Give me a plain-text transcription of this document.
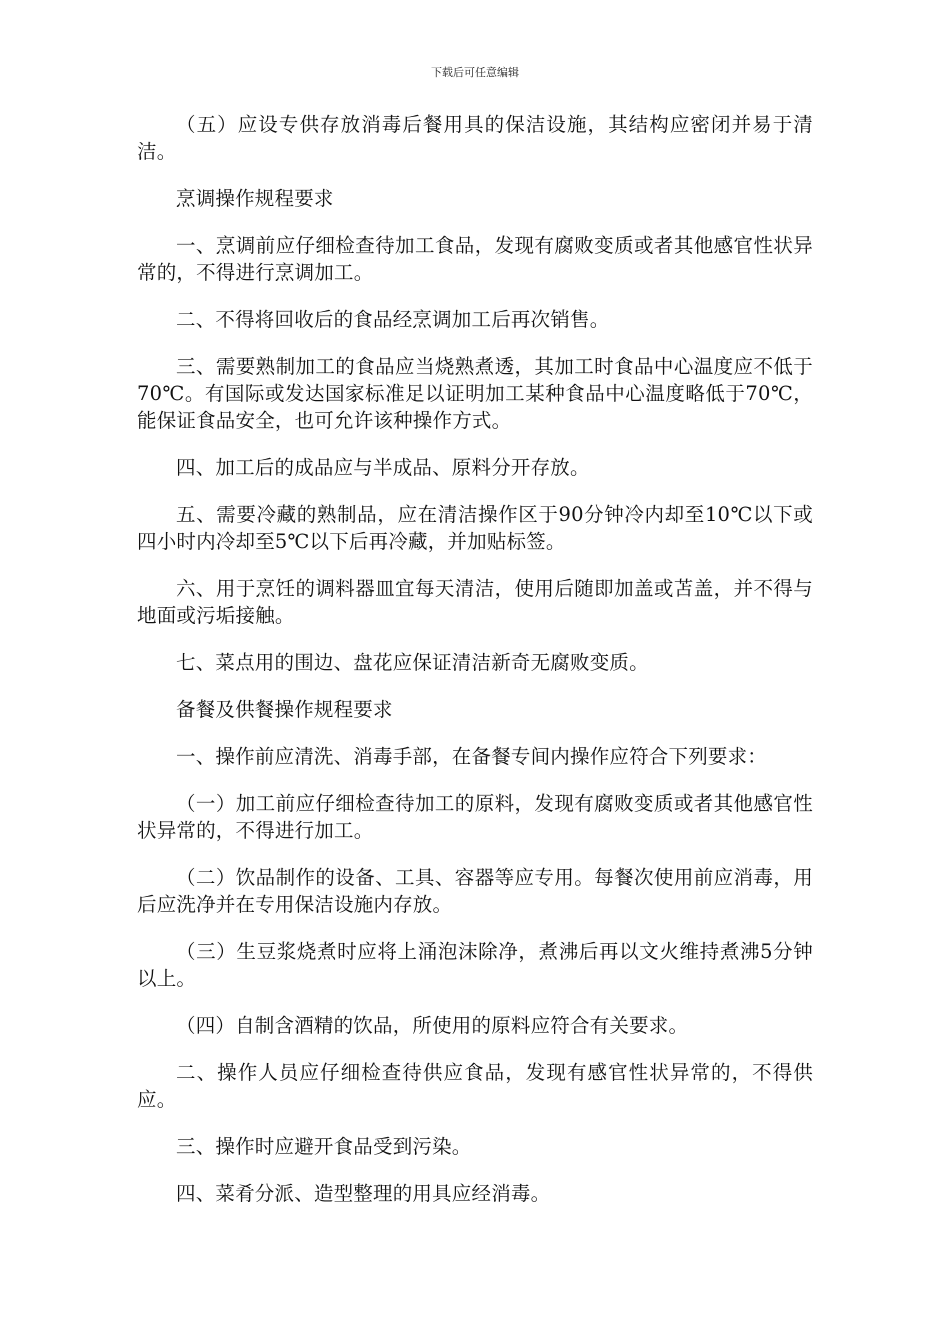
下载后可任意编辑

（五）应设专供存放消毒后餐用具的保洁设施，其结构应密闭并易于清洁。

烹调操作规程要求

一、烹调前应仔细检查待加工食品，发现有腐败变质或者其他感官性状异常的，不得进行烹调加工。

二、不得将回收后的食品经烹调加工后再次销售。

三、需要熟制加工的食品应当烧熟煮透，其加工时食品中心温度应不低于70℃。有国际或发达国家标准足以证明加工某种食品中心温度略低于70℃，能保证食品安全，也可允许该种操作方式。

四、加工后的成品应与半成品、原料分开存放。

五、需要冷藏的熟制品，应在清洁操作区于90分钟冷内却至10℃以下或四小时内冷却至5℃以下后再冷藏，并加贴标签。

六、用于烹饪的调料器皿宜每天清洁，使用后随即加盖或苫盖，并不得与地面或污垢接触。

七、菜点用的围边、盘花应保证清洁新奇无腐败变质。

备餐及供餐操作规程要求

一、操作前应清洗、消毒手部，在备餐专间内操作应符合下列要求：

（一）加工前应仔细检查待加工的原料，发现有腐败变质或者其他感官性状异常的，不得进行加工。

（二）饮品制作的设备、工具、容器等应专用。每餐次使用前应消毒，用后应洗净并在专用保洁设施内存放。

（三）生豆浆烧煮时应将上涌泡沫除净，煮沸后再以文火维持煮沸5分钟以上。

（四）自制含酒精的饮品，所使用的原料应符合有关要求。

二、操作人员应仔细检查待供应食品，发现有感官性状异常的，不得供应。

三、操作时应避开食品受到污染。

四、菜肴分派、造型整理的用具应经消毒。
